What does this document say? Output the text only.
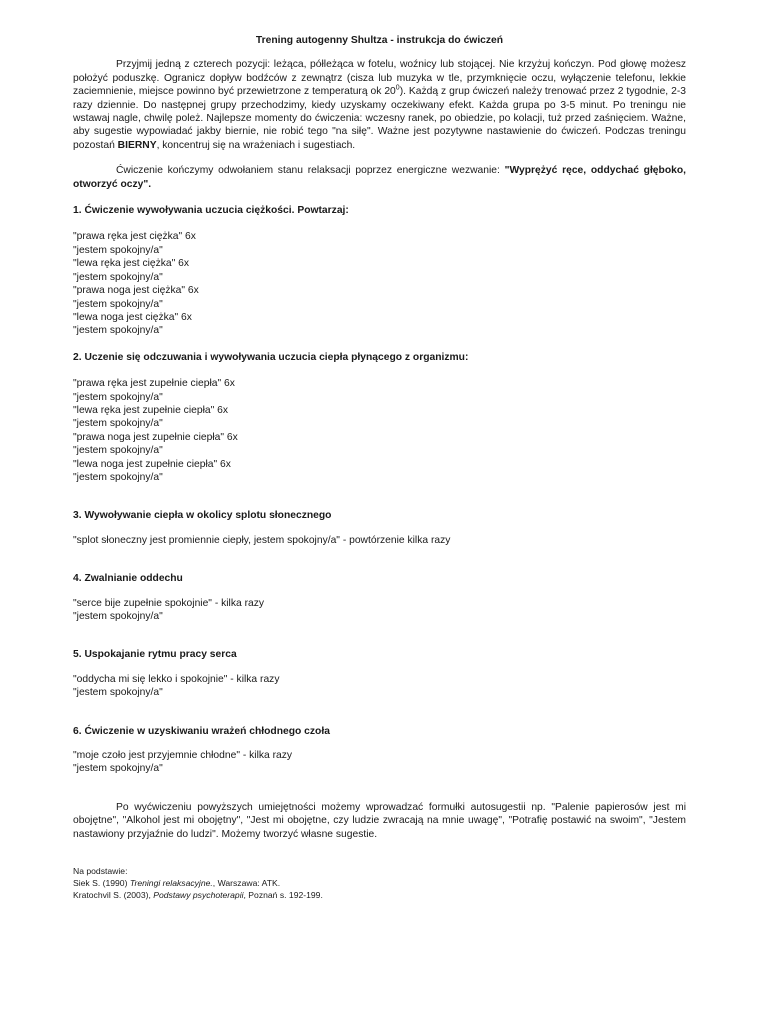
Trening autogenny Shultza - instrukcja do ćwiczeń

Przyjmij jedną z czterech pozycji: leżąca, półleżąca w fotelu, woźnicy lub stojącej. Nie krzyżuj kończyn. Pod głowę możesz położyć poduszkę. Ogranicz dopływ bodźców z zewnątrz (cisza lub muzyka w tle, przymknięcie oczu, wyłączenie telefonu, lekkie zaciemnienie, miejsce powinno być przewietrzone z temperaturą ok $20^0$). Każdą z grup ćwiczeń należy trenować przez 2 tygodnie, 2-3 razy dziennie. Do następnej grupy przechodzimy, kiedy uzyskamy oczekiwany efekt. Każda grupa po 3-5 minut. Po treningu nie wstawaj nagle, chwilę poleż. Najlepsze momenty do ćwiczenia: wczesny ranek, po obiedzie, po kolacji, tuż przed zaśnięciem. Ważne, aby sugestie wypowiadać jakby biernie, nie robić tego "na siłę". Ważne jest pozytywne nastawienie do ćwiczeń. Podczas treningu pozostań BIERNY, koncentruj się na wrażeniach i sugestiach.

Ćwiczenie kończymy odwołaniem stanu relaksacji poprzez energiczne wezwanie: "Wyprężyć ręce, oddychać głęboko, otworzyć oczy".

1. Ćwiczenie wywoływania uczucia ciężkości. Powtarzaj:

"prawa ręka jest ciężka" 6x

"jestem spokojny/a"

"lewa ręka jest ciężka" 6x

"jestem spokojny/a"

"prawa noga jest ciężka" 6x

"jestem spokojny/a"

"lewa noga jest ciężka" 6x

"jestem spokojny/a"

2. Uczenie się odczuwania i wywoływania uczucia ciepła płynącego z organizmu:

"prawa ręka jest zupełnie ciepła" 6x

"jestem spokojny/a"

"lewa ręka jest zupełnie ciepła" 6x

"jestem spokojny/a"

"prawa noga jest zupełnie ciepła" 6x

"jestem spokojny/a"

"lewa noga jest zupełnie ciepła" 6x

"jestem spokojny/a"

3. Wywoływanie ciepła w okolicy splotu słonecznego

"splot słoneczny jest promiennie ciepły, jestem spokojny/a" - powtórzenie kilka razy

4. Zwalnianie oddechu

"serce bije zupełnie spokojnie" - kilka razy

"jestem spokojny/a"

5. Uspokajanie rytmu pracy serca

"oddycha mi się lekko i spokojnie" - kilka razy

"jestem spokojny/a"

6. Ćwiczenie w uzyskiwaniu wrażeń chłodnego czoła

"moje czoło jest przyjemnie chłodne" - kilka razy

"jestem spokojny/a"

Po wyćwiczeniu powyższych umiejętności możemy wprowadzać formułki autosugestii np. "Palenie papierosów jest mi obojętne", "Alkohol jest mi obojętny", "Jest mi obojętne, czy ludzie zwracają na mnie uwagę", "Potrafię postawić na swoim", "Jestem nastawiony przyjaźnie do ludzi". Możemy tworzyć własne sugestie.

Na podstawie:

Siek S. (1990) Treningi relaksacyjne., Warszawa: ATK.

Kratochvil S. (2003), Podstawy psychoterapii, Poznań s. 192-199.
